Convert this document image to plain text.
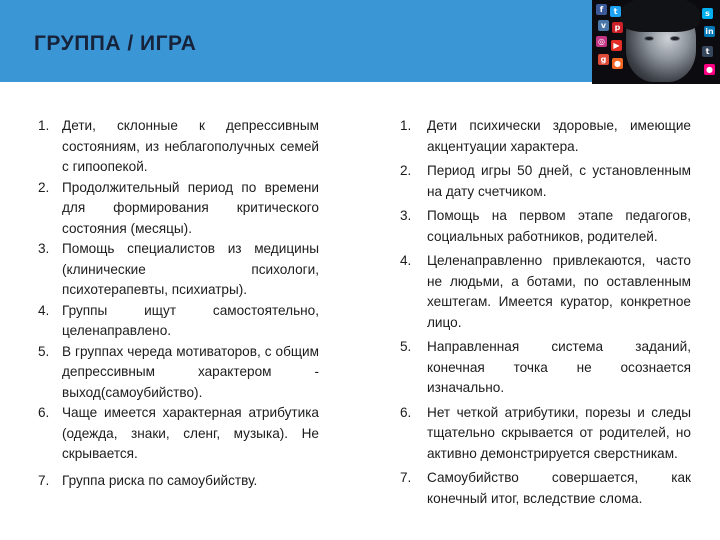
ГРУППА / ИГРА
f	t
v	p
◎	▶
g ●
s
in
t
●
1. Дети, склонные к депрессивным состояниям, из неблагополучных семей с гипоопекой.
2. Продолжительный период по времени для формирования критического состояния (месяцы).
3. Помощь специалистов из медицины (клинические психологи, психотерапевты, психиатры).
4. Группы ищут самостоятельно, целенаправлено.
5. В группах череда мотиваторов, с общим депрессивным характером - выход(самоубийство).
6. Чаще имеется характерная атрибутика (одежда, знаки, сленг, музыка). Не скрывается.
7. Группа риска по самоубийству.
1. Дети психически здоровые, имеющие акцентуации характера.
2. Период игры 50 дней, с установленным на дату счетчиком.
3. Помощь на первом этапе педагогов, социальных работников, родителей.
4. Целенаправленно привлекаются, часто не людьми, а ботами, по оставленным хештегам. Имеется куратор, конкретное лицо.
5. Направленная система заданий, конечная точка не осознается изначально.
6. Нет четкой атрибутики, порезы и следы тщательно скрывается от родителей, но активно демонстрируется сверстникам.
7. Самоубийство совершается, как конечный итог, вследствие слома.
